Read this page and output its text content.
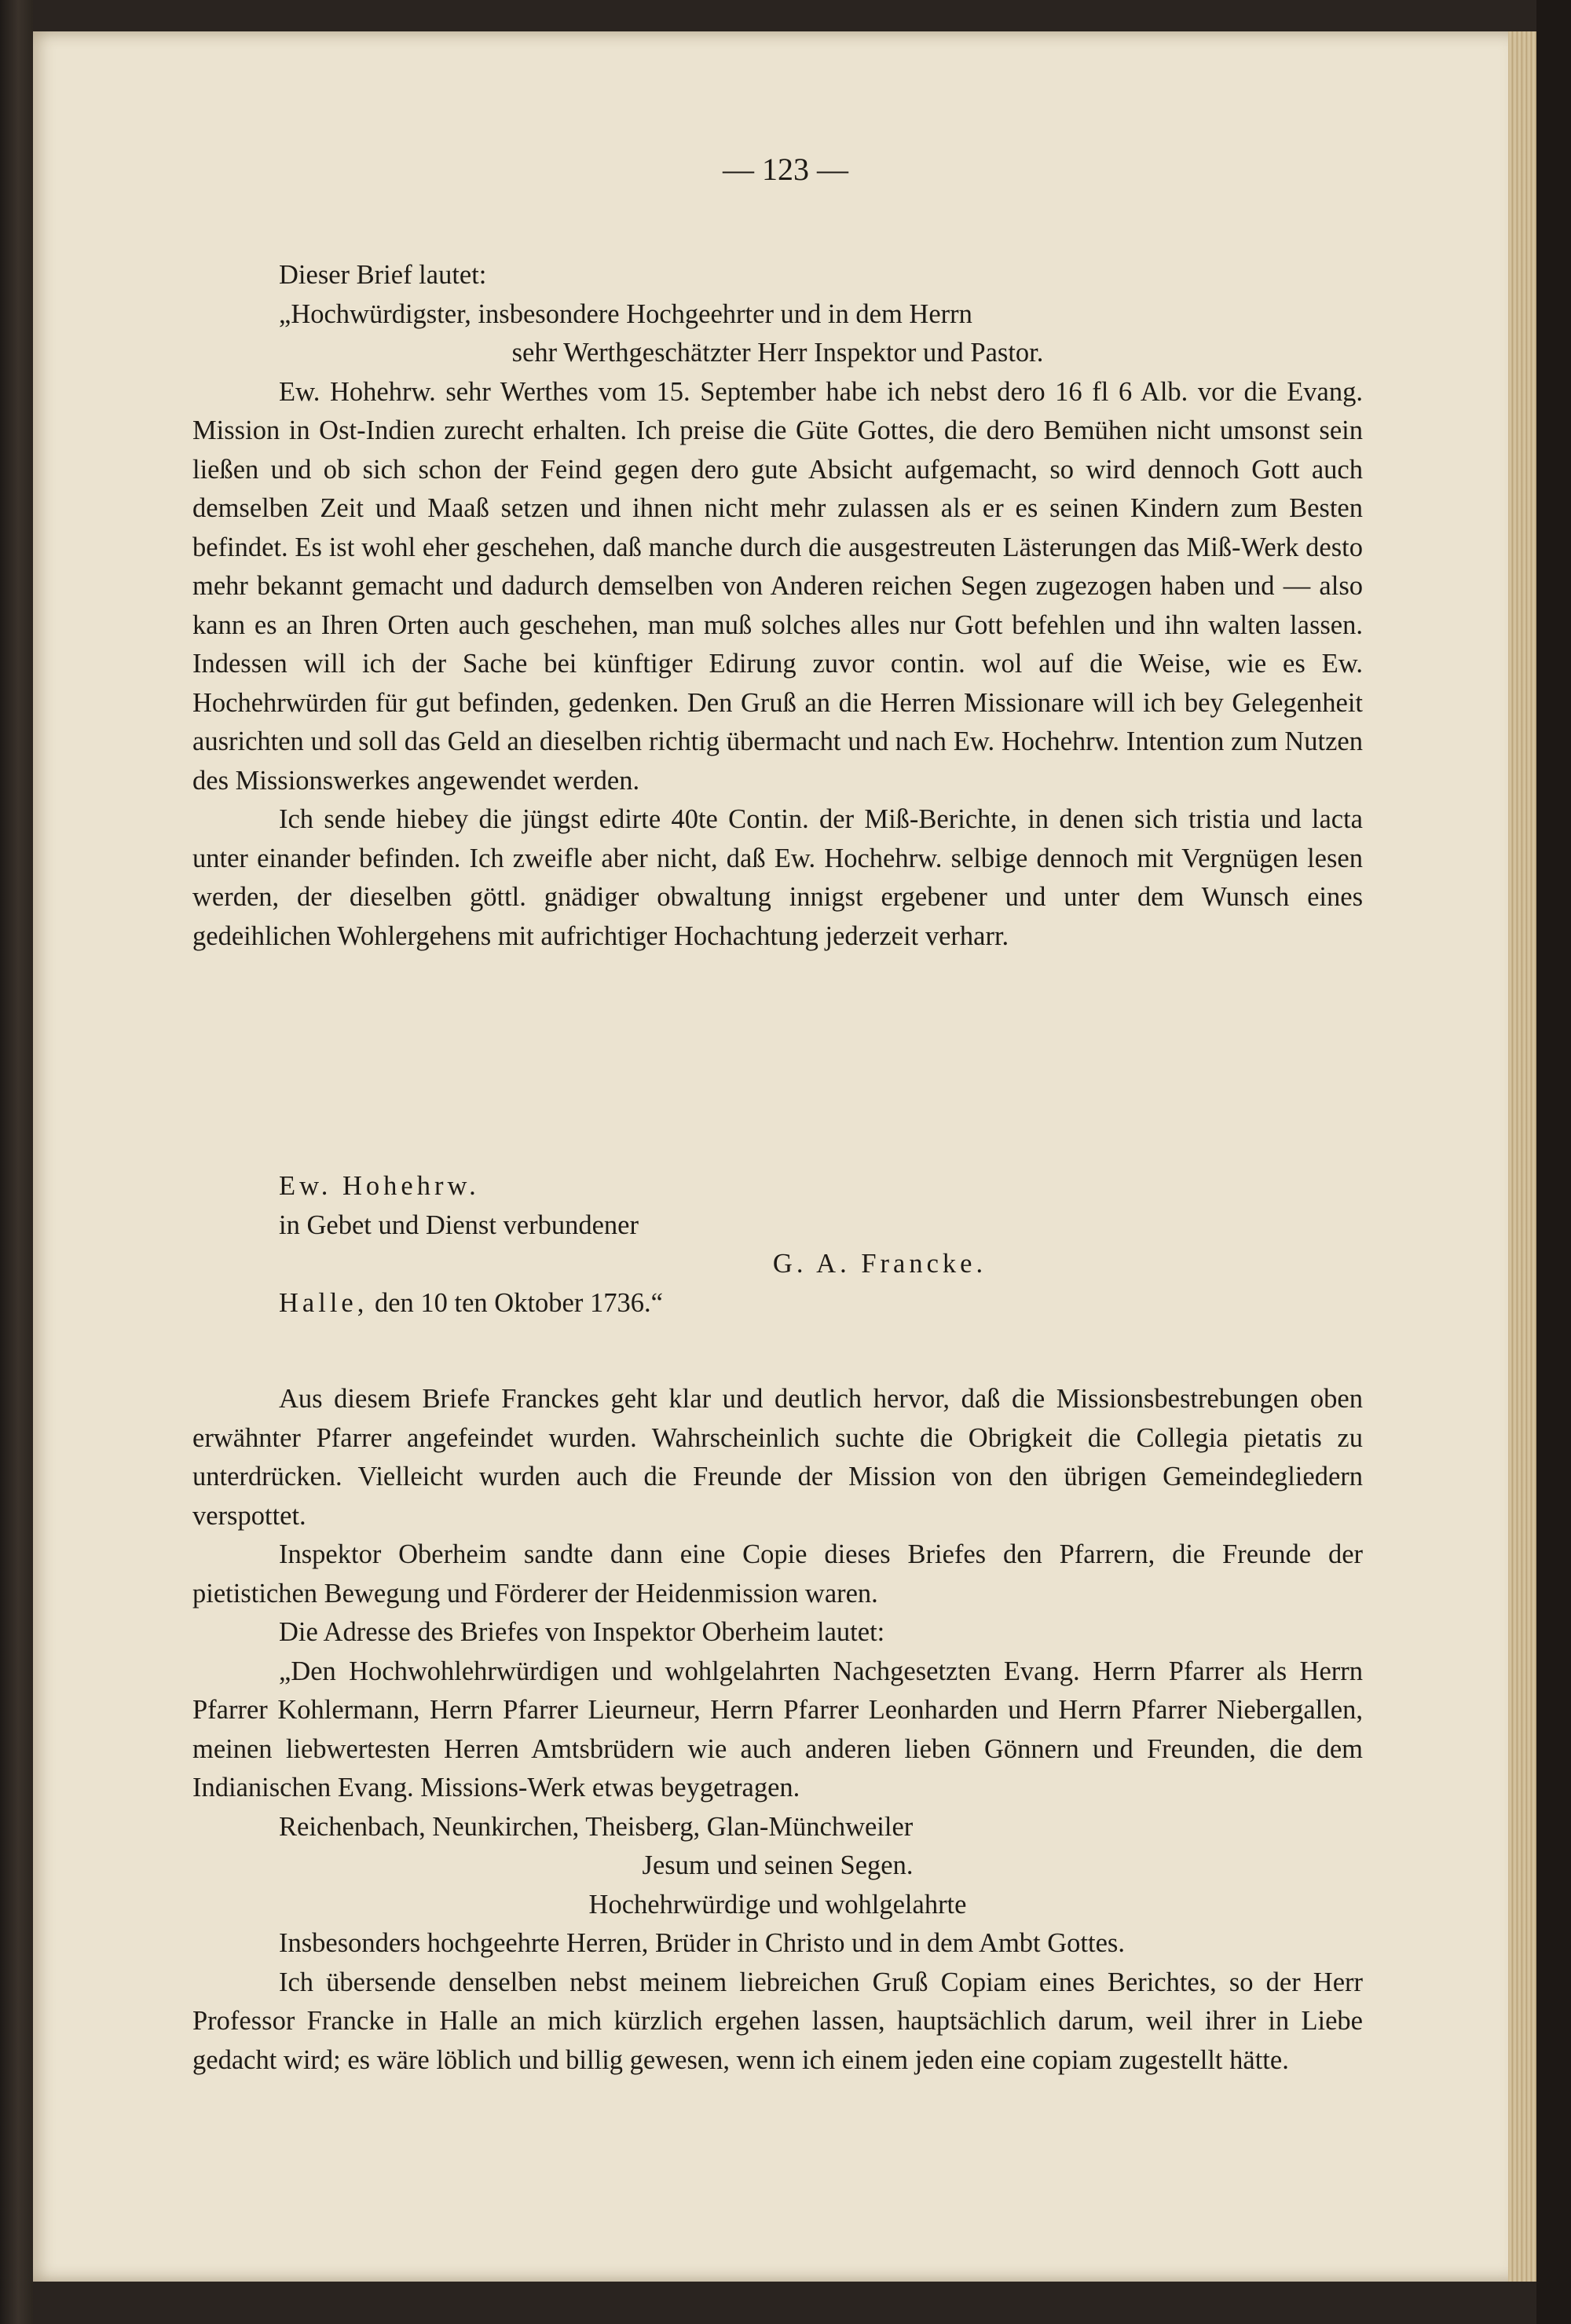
— 123 —

Dieser Brief lautet:

„Hochwürdigster, insbesondere Hochgeehrter und in dem Herrn

sehr Werthgeschätzter Herr Inspektor und Pastor.

Ew. Hohehrw. sehr Werthes vom 15. September habe ich nebst dero 16 fl 6 Alb. vor die Evang. Mission in Ost-Indien zurecht erhalten. Ich preise die Güte Gottes, die dero Bemühen nicht umsonst sein ließen und ob sich schon der Feind gegen dero gute Absicht aufgemacht, so wird dennoch Gott auch demselben Zeit und Maaß setzen und ihnen nicht mehr zulassen als er es seinen Kindern zum Besten befindet. Es ist wohl eher geschehen, daß manche durch die ausgestreuten Lästerungen das Miß-Werk desto mehr bekannt gemacht und dadurch demselben von Anderen reichen Segen zugezogen haben und — also kann es an Ihren Orten auch geschehen, man muß solches alles nur Gott befehlen und ihn walten lassen. Indessen will ich der Sache bei künftiger Edirung zuvor contin. wol auf die Weise, wie es Ew. Hochehrwürden für gut befinden, gedenken. Den Gruß an die Herren Missionare will ich bey Gelegenheit ausrichten und soll das Geld an dieselben richtig übermacht und nach Ew. Hochehrw. Intention zum Nutzen des Missionswerkes angewendet werden.

Ich sende hiebey die jüngst edirte 40te Contin. der Miß-Berichte, in denen sich tristia und lacta unter einander befinden. Ich zweifle aber nicht, daß Ew. Hochehrw. selbige dennoch mit Vergnügen lesen werden, der dieselben göttl. gnädiger obwaltung innigst ergebener und unter dem Wunsch eines gedeihlichen Wohlergehens mit aufrichtiger Hochachtung jederzeit verharr.

Ew. Hohehrw.

in Gebet und Dienst verbundener

G. A. Francke.

Halle, den 10 ten Oktober 1736.“

Aus diesem Briefe Franckes geht klar und deutlich hervor, daß die Missionsbestrebungen oben erwähnter Pfarrer angefeindet wurden. Wahrscheinlich suchte die Obrigkeit die Collegia pietatis zu unterdrücken. Vielleicht wurden auch die Freunde der Mission von den übrigen Gemeindegliedern verspottet.

Inspektor Oberheim sandte dann eine Copie dieses Briefes den Pfarrern, die Freunde der pietistichen Bewegung und Förderer der Heidenmission waren.

Die Adresse des Briefes von Inspektor Oberheim lautet:

„Den Hochwohlehrwürdigen und wohlgelahrten Nachgesetzten Evang. Herrn Pfarrer als Herrn Pfarrer Kohlermann, Herrn Pfarrer Lieurneur, Herrn Pfarrer Leonharden und Herrn Pfarrer Niebergallen, meinen liebwertesten Herren Amtsbrüdern wie auch anderen lieben Gönnern und Freunden, die dem Indianischen Evang. Missions-Werk etwas beygetragen.

Reichenbach, Neunkirchen, Theisberg, Glan-Münchweiler

Jesum und seinen Segen.

Hochehrwürdige und wohlgelahrte

Insbesonders hochgeehrte Herren, Brüder in Christo und in dem Ambt Gottes.

Ich übersende denselben nebst meinem liebreichen Gruß Copiam eines Berichtes, so der Herr Professor Francke in Halle an mich kürzlich ergehen lassen, hauptsächlich darum, weil ihrer in Liebe gedacht wird; es wäre löblich und billig gewesen, wenn ich einem jeden eine copiam zugestellt hätte.
